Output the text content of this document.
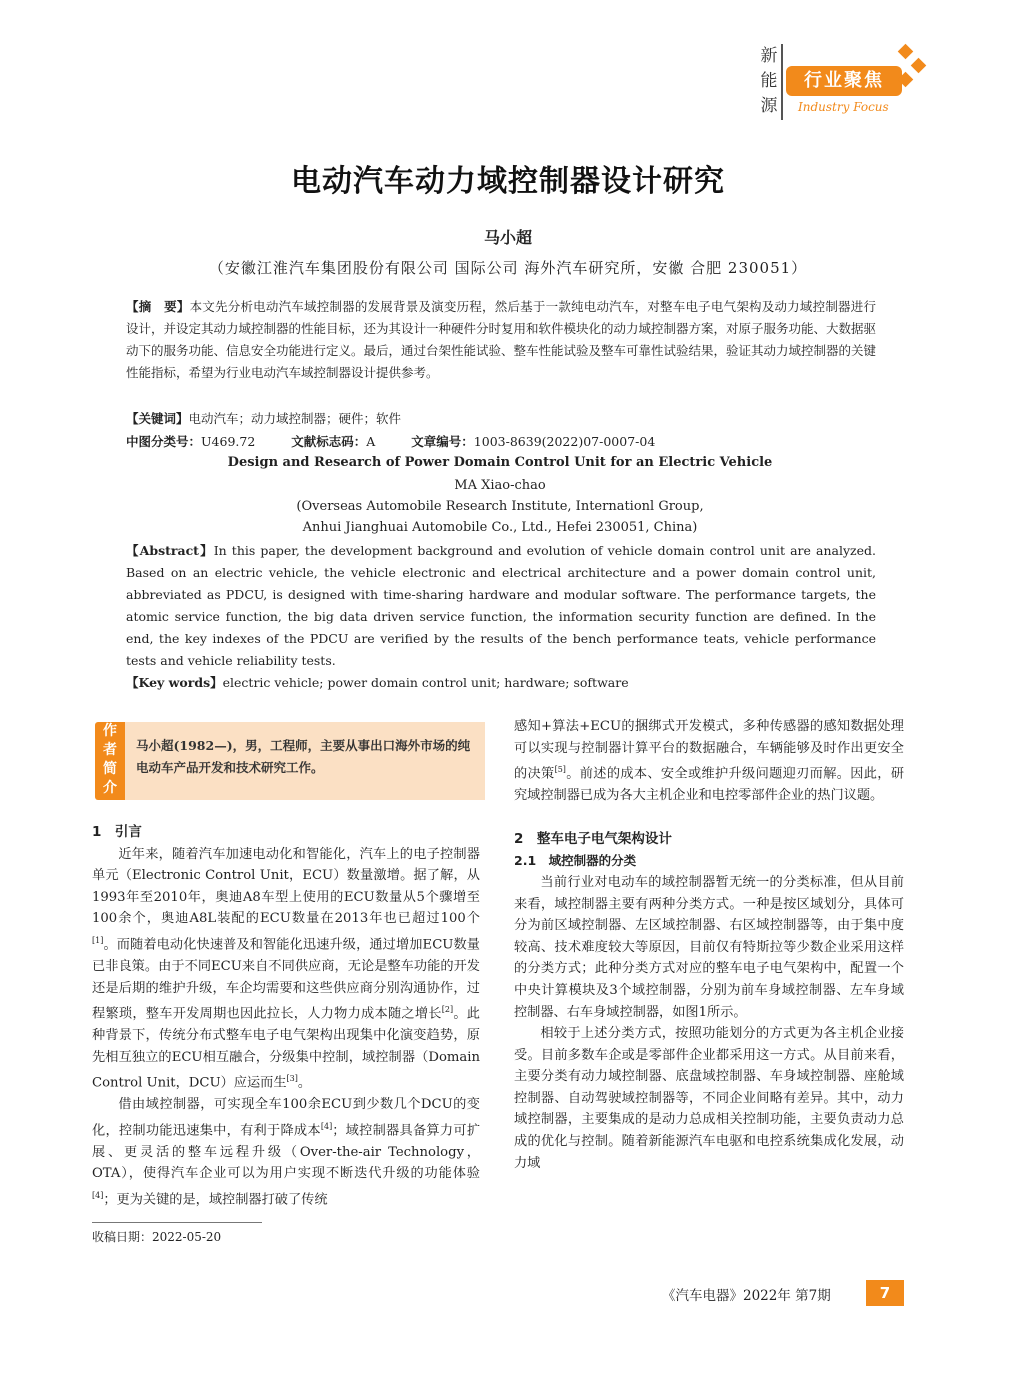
新
能
源
行业聚焦
Industry Focus
电动汽车动力域控制器设计研究
马小超
（安徽江淮汽车集团股份有限公司 国际公司 海外汽车研究所，安徽 合肥 230051）
【摘　要】本文先分析电动汽车域控制器的发展背景及演变历程，然后基于一款纯电动汽车，对整车电子电气架构及动力域控制器进行设计，并设定其动力域控制器的性能目标，还为其设计一种硬件分时复用和软件模块化的动力域控制器方案，对原子服务功能、大数据驱动下的服务功能、信息安全功能进行定义。最后，通过台架性能试验、整车性能试验及整车可靠性试验结果，验证其动力域控制器的关键性能指标，希望为行业电动汽车域控制器设计提供参考。
【关键词】电动汽车；动力域控制器；硬件；软件
中图分类号：U469.72	文献标志码：A	文章编号：1003-8639(2022)07-0007-04
Design and Research of Power Domain Control Unit for an Electric Vehicle
MA Xiao-chao
(Overseas Automobile Research Institute, Internationl Group,
Anhui Jianghuai Automobile Co., Ltd., Hefei 230051, China)
【Abstract】In this paper, the development background and evolution of vehicle domain control unit are analyzed. Based on an electric vehicle, the vehicle electronic and electrical architecture and a power domain control unit, abbreviated as PDCU, is designed with time-sharing hardware and modular software. The performance targets, the atomic service function, the big data driven service function, the information security function are defined. In the end, the key indexes of the PDCU are verified by the results of the bench performance teats, vehicle performance tests and vehicle reliability tests.
【Key words】electric vehicle; power domain control unit; hardware; software
作
者
简
介
马小超(1982—)，男，工程师，主要从事出口海外市场的纯电动车产品开发和技术研究工作。

1　引言

近年来，随着汽车加速电动化和智能化，汽车上的电子控制器单元（Electronic Control Unit，ECU）数量激增。据了解，从1993年至2010年，奥迪A8车型上使用的ECU数量从5个骤增至100余个，奥迪A8L装配的ECU数量在2013年也已超过100个[1]。而随着电动化快速普及和智能化迅速升级，通过增加ECU数量已非良策。由于不同ECU来自不同供应商，无论是整车功能的开发还是后期的维护升级，车企均需要和这些供应商分别沟通协作，过程繁琐，整车开发周期也因此拉长，人力物力成本随之增长[2]。此种背景下，传统分布式整车电子电气架构出现集中化演变趋势，原先相互独立的ECU相互融合，分级集中控制，域控制器（Domain Control Unit，DCU）应运而生[3]。

借由域控制器，可实现全车100余ECU到少数几个DCU的变化，控制功能迅速集中，有利于降成本[4]；域控制器具备算力可扩展、更灵活的整车远程升级（Over-the-air Technology，OTA），使得汽车企业可以为用户实现不断迭代升级的功能体验[4]；更为关键的是，域控制器打破了传统

收稿日期：2022-05-20

感知+算法+ECU的捆绑式开发模式，多种传感器的感知数据处理可以实现与控制器计算平台的数据融合，车辆能够及时作出更安全的决策[5]。前述的成本、安全或维护升级问题迎刃而解。因此，研究域控制器已成为各大主机企业和电控零部件企业的热门议题。

2　整车电子电气架构设计

2.1　域控制器的分类

当前行业对电动车的域控制器暂无统一的分类标准，但从目前来看，域控制器主要有两种分类方式。一种是按区域划分，具体可分为前区域控制器、左区域控制器、右区域控制器等，由于集中度较高、技术难度较大等原因，目前仅有特斯拉等少数企业采用这样的分类方式；此种分类方式对应的整车电子电气架构中，配置一个中央计算模块及3个域控制器，分别为前车身域控制器、左车身域控制器、右车身域控制器，如图1所示。

相较于上述分类方式，按照功能划分的方式更为各主机企业接受。目前多数车企或是零部件企业都采用这一方式。从目前来看，主要分类有动力域控制器、底盘域控制器、车身域控制器、座舱域控制器、自动驾驶域控制器等，不同企业间略有差异。其中，动力域控制器，主要集成的是动力总成相关控制功能，主要负责动力总成的优化与控制。随着新能源汽车电驱和电控系统集成化发展，动力域

《汽车电器》2022年 第7期	7
